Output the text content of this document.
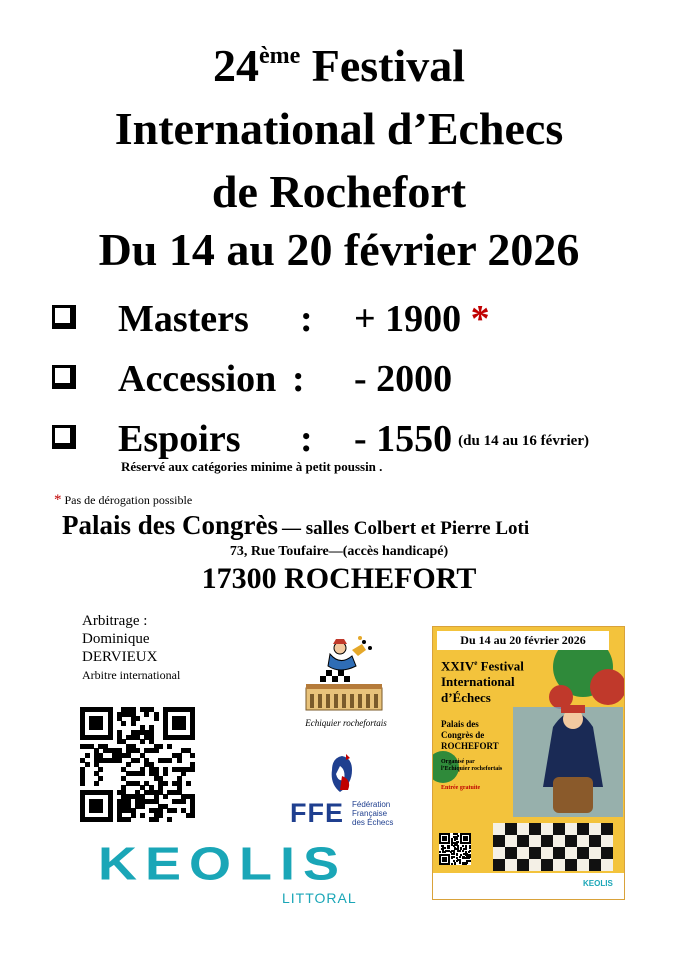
24ème Festival
International d’Echecs
de Rochefort
Du 14 au 20 février 2026
Masters : + 1900 *
Accession : - 2000
Espoirs : - 1550 (du 14 au 16 février)
Réservé aux catégories minime à petit poussin .
* Pas de dérogation possible
Palais des Congrès — salles Colbert et Pierre Loti
73, Rue Toufaire—(accès handicapé)
17300 ROCHEFORT
Arbitrage :
Dominique
DERVIEUX
Arbitre international
Echiquier rochefortais
FFE Fédération
Française
des Échecs
KEOLIS
LITTORAL
Du 14 au 20 février 2026
XXIVe Festival
International
d’Échecs
Palais des
Congrès de
ROCHEFORT
Organisé par
l’Echiquier rochefortais
Entrée gratuite
KEOLIS
